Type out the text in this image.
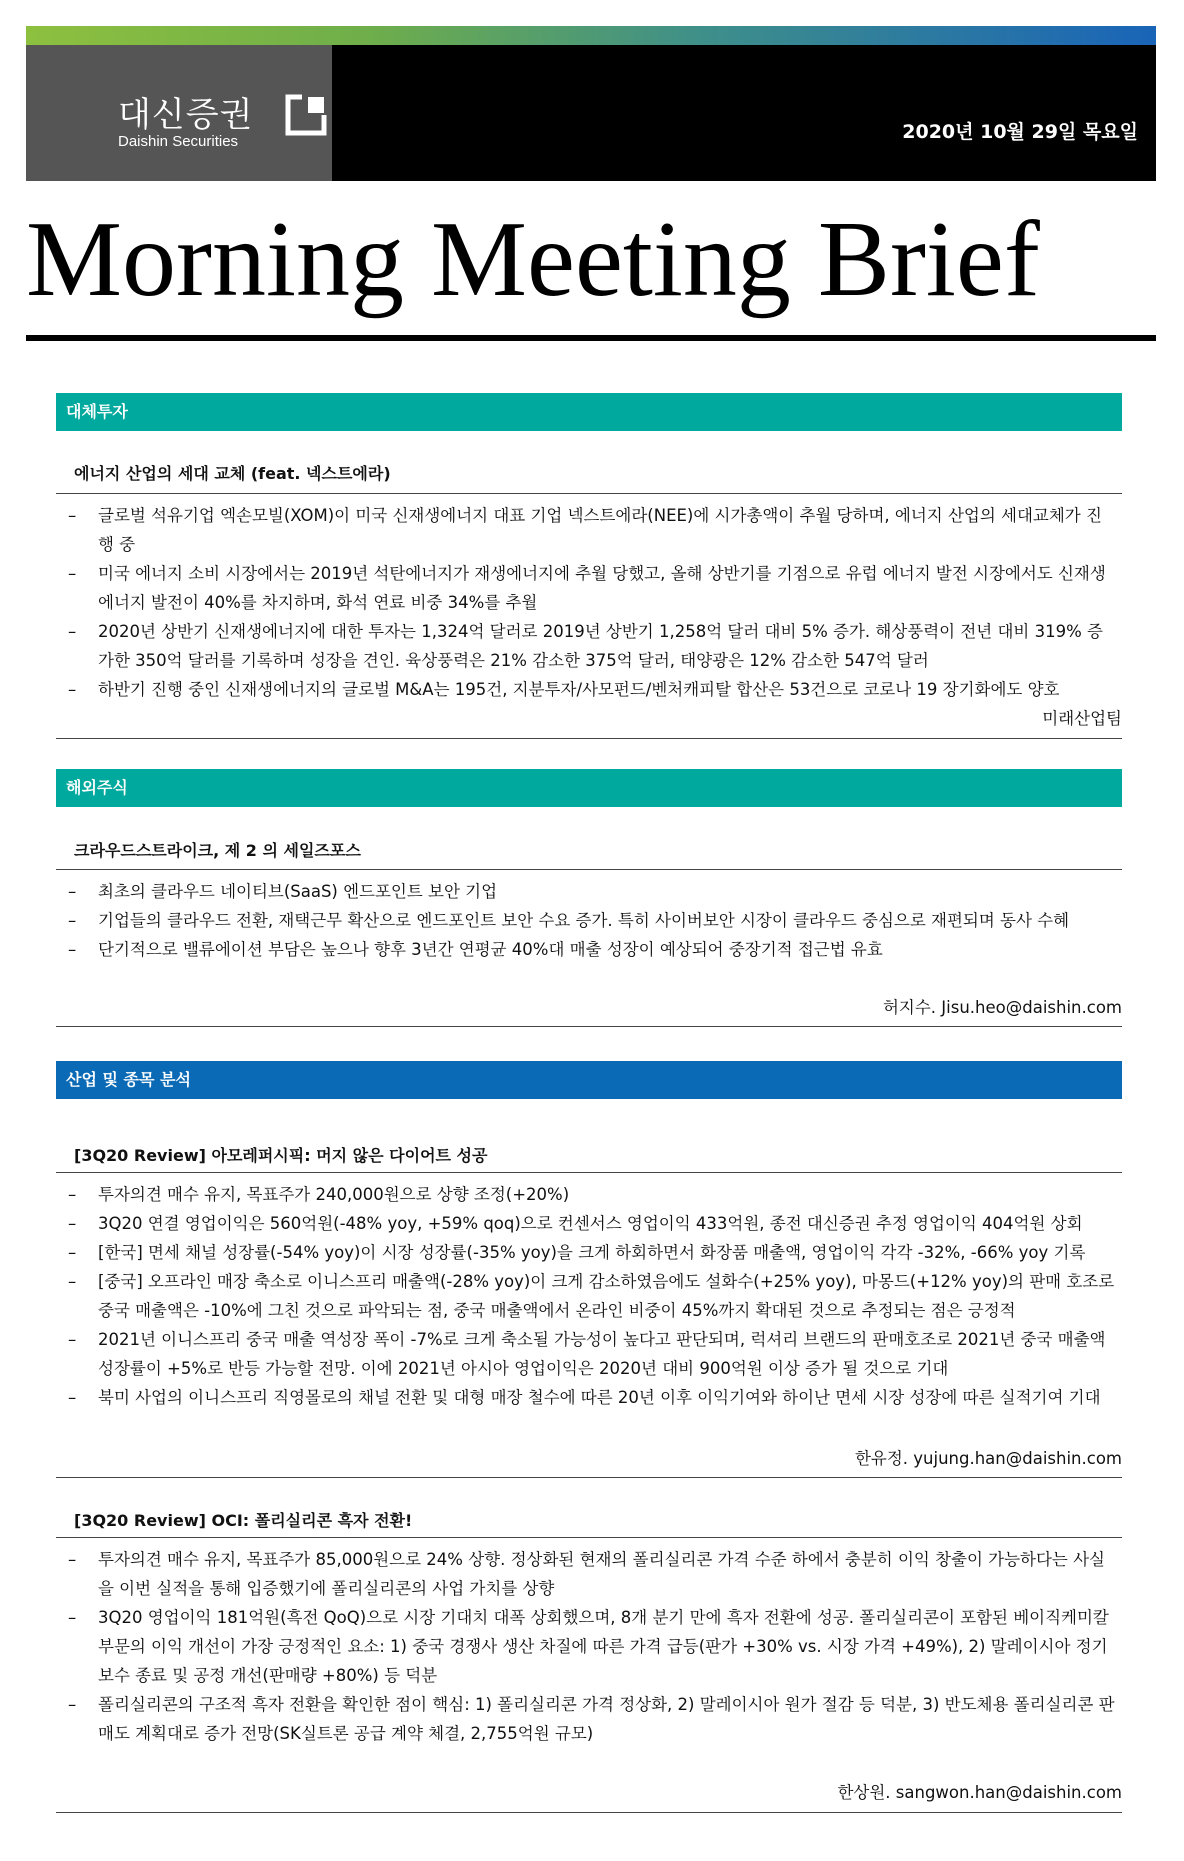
대신증권
Daishin Securities	2020년 10월 29일 목요일
Morning Meeting Brief
대체투자
에너지 산업의 세대 교체 (feat. 넥스트에라)
– 글로벌 석유기업 엑손모빌(XOM)이 미국 신재생에너지 대표 기업 넥스트에라(NEE)에 시가총액이 추월 당하며, 에너지 산업의 세대교체가 진행 중
– 미국 에너지 소비 시장에서는 2019년 석탄에너지가 재생에너지에 추월 당했고, 올해 상반기를 기점으로 유럽 에너지 발전 시장에서도 신재생에너지 발전이 40%를 차지하며, 화석 연료 비중 34%를 추월
– 2020년 상반기 신재생에너지에 대한 투자는 1,324억 달러로 2019년 상반기 1,258억 달러 대비 5% 증가. 해상풍력이 전년 대비 319% 증가한 350억 달러를 기록하며 성장을 견인. 육상풍력은 21% 감소한 375억 달러, 태양광은 12% 감소한 547억 달러
– 하반기 진행 중인 신재생에너지의 글로벌 M&A는 195건, 지분투자/사모펀드/벤처캐피탈 합산은 53건으로 코로나 19 장기화에도 양호
미래산업팀
해외주식
크라우드스트라이크, 제 2 의 세일즈포스
– 최초의 클라우드 네이티브(SaaS) 엔드포인트 보안 기업
– 기업들의 클라우드 전환, 재택근무 확산으로 엔드포인트 보안 수요 증가. 특히 사이버보안 시장이 클라우드 중심으로 재편되며 동사 수혜
– 단기적으로 밸류에이션 부담은 높으나 향후 3년간 연평균 40%대 매출 성장이 예상되어 중장기적 접근법 유효
허지수. Jisu.heo@daishin.com
산업 및 종목 분석
[3Q20 Review] 아모레퍼시픽: 머지 않은 다이어트 성공
– 투자의견 매수 유지, 목표주가 240,000원으로 상향 조정(+20%)
– 3Q20 연결 영업이익은 560억원(-48% yoy, +59% qoq)으로 컨센서스 영업이익 433억원, 종전 대신증권 추정 영업이익 404억원 상회
– [한국] 면세 채널 성장률(-54% yoy)이 시장 성장률(-35% yoy)을 크게 하회하면서 화장품 매출액, 영업이익 각각 -32%, -66% yoy 기록
– [중국] 오프라인 매장 축소로 이니스프리 매출액(-28% yoy)이 크게 감소하였음에도 설화수(+25% yoy), 마몽드(+12% yoy)의 판매 호조로 중국 매출액은 -10%에 그친 것으로 파악되는 점, 중국 매출액에서 온라인 비중이 45%까지 확대된 것으로 추정되는 점은 긍정적
– 2021년 이니스프리 중국 매출 역성장 폭이 -7%로 크게 축소될 가능성이 높다고 판단되며, 럭셔리 브랜드의 판매호조로 2021년 중국 매출액 성장률이 +5%로 반등 가능할 전망. 이에 2021년 아시아 영업이익은 2020년 대비 900억원 이상 증가 될 것으로 기대
– 북미 사업의 이니스프리 직영몰로의 채널 전환 및 대형 매장 철수에 따른 20년 이후 이익기여와 하이난 면세 시장 성장에 따른 실적기여 기대
한유정. yujung.han@daishin.com
[3Q20 Review] OCI: 폴리실리콘 흑자 전환!
– 투자의견 매수 유지, 목표주가 85,000원으로 24% 상향. 정상화된 현재의 폴리실리콘 가격 수준 하에서 충분히 이익 창출이 가능하다는 사실을 이번 실적을 통해 입증했기에 폴리실리콘의 사업 가치를 상향
– 3Q20 영업이익 181억원(흑전 QoQ)으로 시장 기대치 대폭 상회했으며, 8개 분기 만에 흑자 전환에 성공. 폴리실리콘이 포함된 베이직케미칼 부문의 이익 개선이 가장 긍정적인 요소: 1) 중국 경쟁사 생산 차질에 따른 가격 급등(판가 +30% vs. 시장 가격 +49%), 2) 말레이시아 정기보수 종료 및 공정 개선(판매량 +80%) 등 덕분
– 폴리실리콘의 구조적 흑자 전환을 확인한 점이 핵심: 1) 폴리실리콘 가격 정상화, 2) 말레이시아 원가 절감 등 덕분, 3) 반도체용 폴리실리콘 판매도 계획대로 증가 전망(SK실트론 공급 계약 체결, 2,755억원 규모)
한상원. sangwon.han@daishin.com
